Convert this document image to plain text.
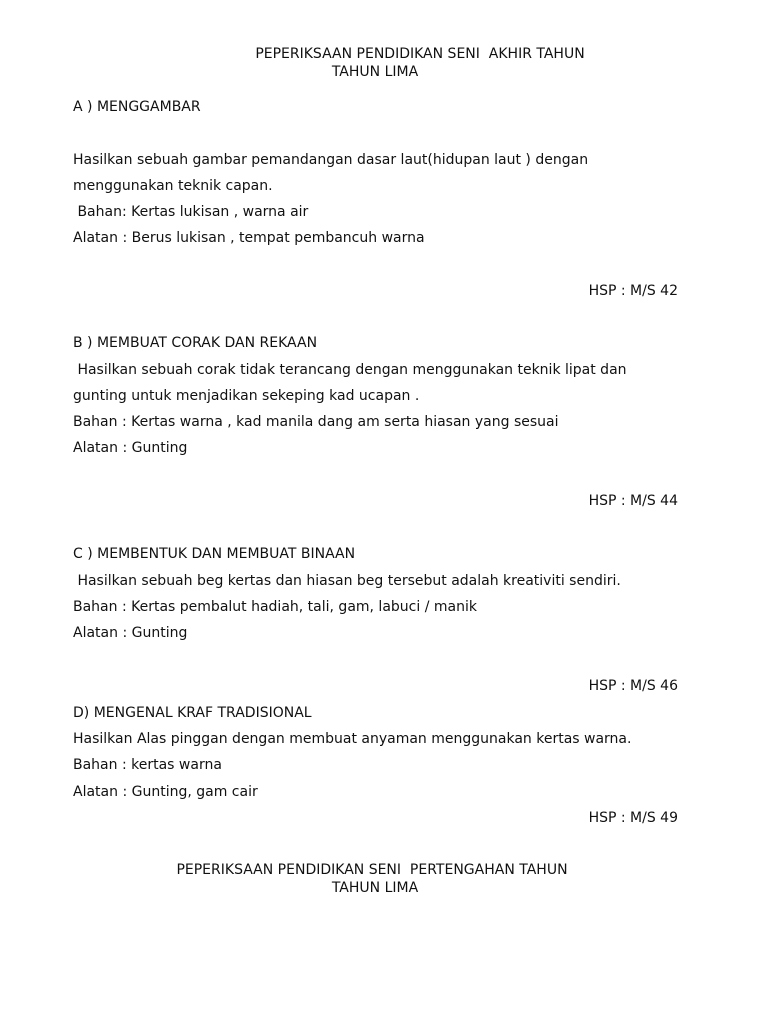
PEPERIKSAAN PENDIDIKAN SENI  AKHIR TAHUN
TAHUN LIMA
A ) MENGGAMBAR
Hasilkan sebuah gambar pemandangan dasar laut(hidupan laut ) dengan
menggunakan teknik capan.
Bahan: Kertas lukisan , warna air
Alatan : Berus lukisan , tempat pembancuh warna
HSP : M/S 42
B ) MEMBUAT CORAK DAN REKAAN
Hasilkan sebuah corak tidak terancang dengan menggunakan teknik lipat dan
gunting untuk menjadikan sekeping kad ucapan .
Bahan : Kertas warna , kad manila dang am serta hiasan yang sesuai
Alatan : Gunting
HSP : M/S 44
C ) MEMBENTUK DAN MEMBUAT BINAAN
Hasilkan sebuah beg kertas dan hiasan beg tersebut adalah kreativiti sendiri.
Bahan : Kertas pembalut hadiah, tali, gam, labuci / manik
Alatan : Gunting
HSP : M/S 46
D) MENGENAL KRAF TRADISIONAL
Hasilkan Alas pinggan dengan membuat anyaman menggunakan kertas warna.
Bahan : kertas warna
Alatan : Gunting, gam cair
HSP : M/S 49
PEPERIKSAAN PENDIDIKAN SENI  PERTENGAHAN TAHUN
TAHUN LIMA
